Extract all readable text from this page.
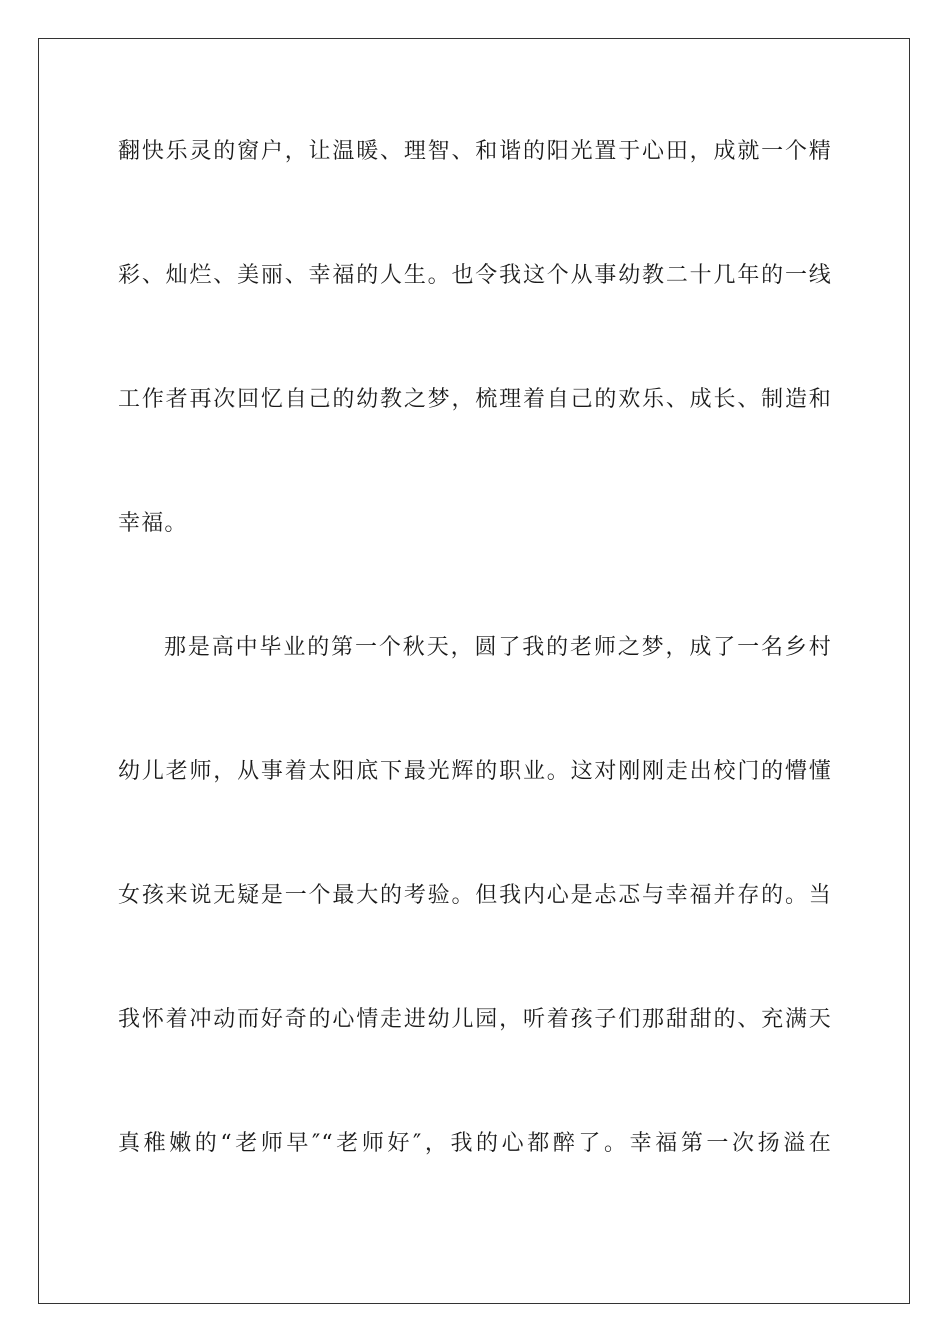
翻快乐灵的窗户，让温暖、理智、和谐的阳光置于心田，成就一个精
彩、灿烂、美丽、幸福的人生。也令我这个从事幼教二十几年的一线
工作者再次回忆自己的幼教之梦，梳理着自己的欢乐、成长、制造和
幸福。
那是高中毕业的第一个秋天，圆了我的老师之梦，成了一名乡村
幼儿老师，从事着太阳底下最光辉的职业。这对刚刚走出校门的懵懂
女孩来说无疑是一个最大的考验。但我内心是忐忑与幸福并存的。当
我怀着冲动而好奇的心情走进幼儿园，听着孩子们那甜甜的、充满天
真稚嫩的“老师早″“老师好″，我的心都醉了。幸福第一次扬溢在
